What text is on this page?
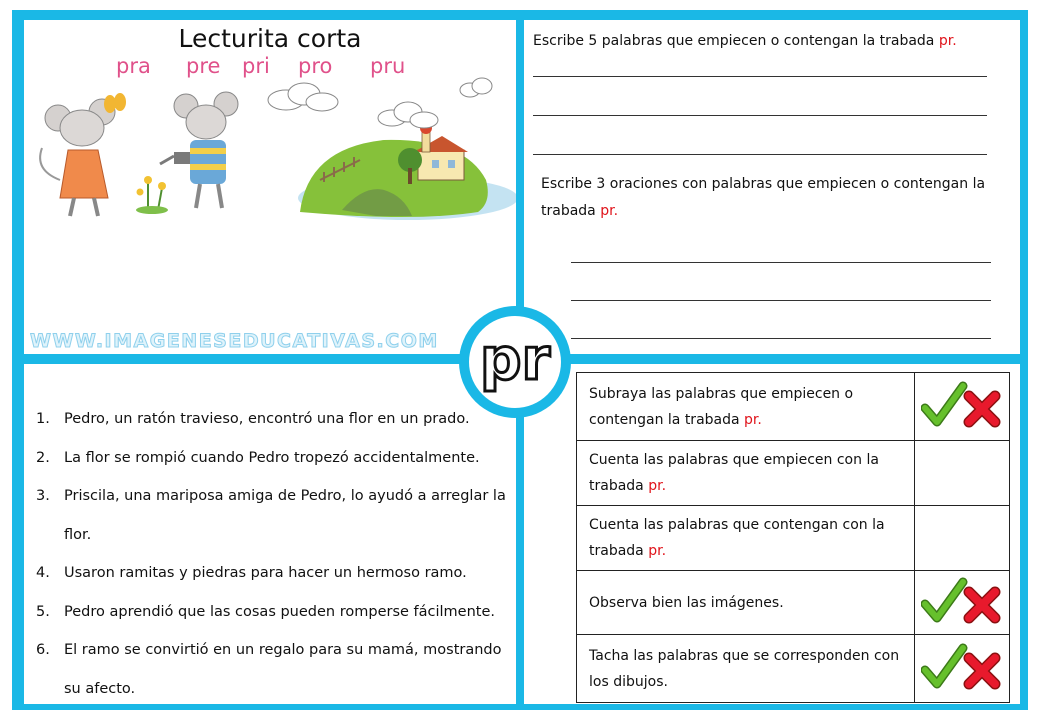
Lecturita corta
pra pre pri pro pru
WWW.IMAGENESEDUCATIVAS.COM
Escribe 5 palabras que empiecen o contengan la trabada pr.
Escribe 3 oraciones con palabras que empiecen o contengan la trabada pr.
1. Pedro, un ratón travieso, encontró una flor en un prado.
2. La flor se rompió cuando Pedro tropezó accidentalmente.
3. Priscila, una mariposa amiga de Pedro, lo ayudó a arreglar la flor.
4. Usaron ramitas y piedras para hacer un hermoso ramo.
5. Pedro aprendió que las cosas pueden romperse fácilmente.
6. El ramo se convirtió en un regalo para su mamá, mostrando su afecto.
Subraya las palabras que empiecen o contengan la trabada pr.	
Cuenta las palabras que empiecen con la trabada pr.	
Cuenta las palabras que contengan con la trabada pr.	
Observa bien las imágenes.	
Tacha las palabras que se corresponden con los dibujos.	
pr
